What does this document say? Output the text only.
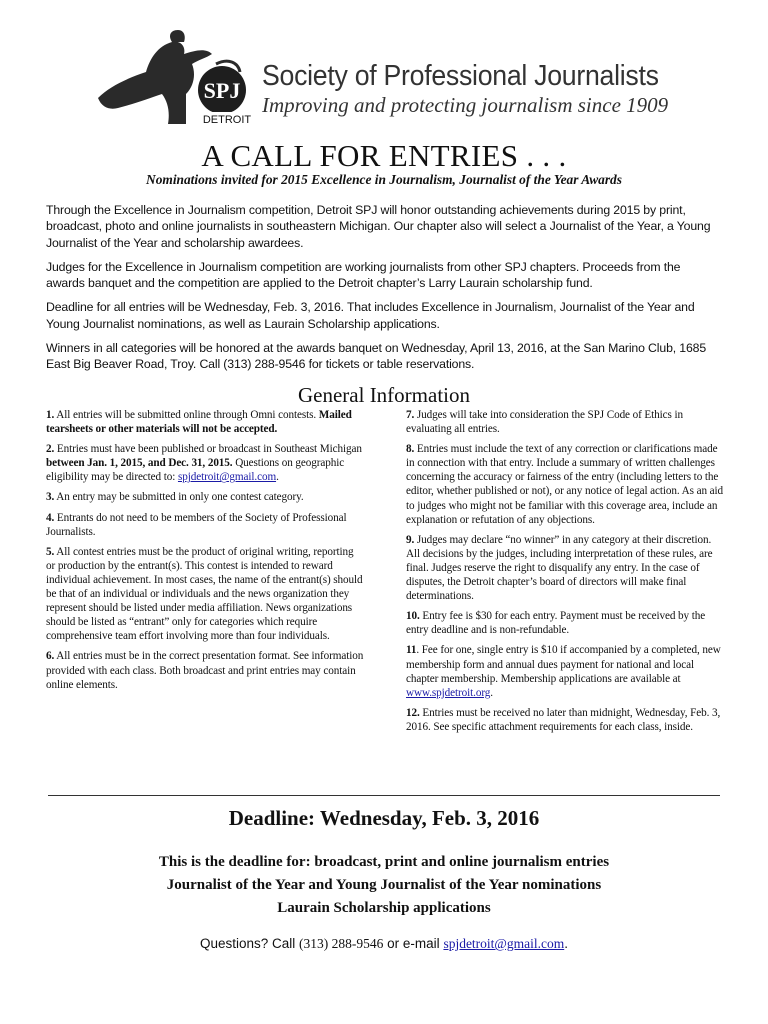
SPJ
DETROIT
Society of Professional Journalists
Improving and protecting journalism since 1909
A CALL FOR ENTRIES . . .
Nominations invited for 2015 Excellence in Journalism, Journalist of the Year Awards

Through the Excellence in Journalism competition, Detroit SPJ will honor outstanding achievements during 2015 by print, broadcast, photo and online journalists in southeastern Michigan. Our chapter also will select a Journalist of the Year, a Young Journalist of the Year and scholarship awardees.

Judges for the Excellence in Journalism competition are working journalists from other SPJ chapters. Proceeds from the awards banquet and the competition are applied to the Detroit chapter’s Larry Laurain scholarship fund.

Deadline for all entries will be Wednesday, Feb. 3, 2016. That includes Excellence in Journalism, Journalist of the Year and Young Journalist nominations, as well as Laurain Scholarship applications.

Winners in all categories will be honored at the awards banquet on Wednesday, April 13, 2016, at the San Marino Club, 1685 East Big Beaver Road, Troy. Call (313) 288-9546 for tickets or table reservations.

General Information

1. All entries will be submitted online through Omni contests. Mailed tearsheets or other materials will not be accepted.

2. Entries must have been published or broadcast in Southeast Michigan between Jan. 1, 2015, and Dec. 31, 2015. Questions on geographic eligibility may be directed to: spjdetroit@gmail.com.

3. An entry may be submitted in only one contest category.

4. Entrants do not need to be members of the Society of Professional Journalists.

5. All contest entries must be the product of original writing, reporting or production by the entrant(s). This contest is intended to reward individual achievement. In most cases, the name of the entrant(s) should be that of an individual or individuals and the news organization they represent should be listed under media affiliation. News organizations should be listed as “entrant” only for categories which require comprehensive team effort involving more than four individuals.

6. All entries must be in the correct presentation format. See information provided with each class. Both broadcast and print entries may contain online elements.

7. Judges will take into consideration the SPJ Code of Ethics in evaluating all entries.

8. Entries must include the text of any correction or clarifications made in connection with that entry. Include a summary of written challenges concerning the accuracy or fairness of the entry (including letters to the editor, whether published or not), or any notice of legal action. As an aid to judges who might not be familiar with this coverage area, include an explanation or refutation of any objections.

9. Judges may declare “no winner” in any category at their discretion. All decisions by the judges, including interpretation of these rules, are final. Judges reserve the right to disqualify any entry. In the case of disputes, the Detroit chapter’s board of directors will make final determinations.

10. Entry fee is $30 for each entry. Payment must be received by the entry deadline and is non-refundable.

11. Fee for one, single entry is $10 if accompanied by a completed, new membership form and annual dues payment for national and local chapter membership. Membership applications are available at www.spjdetroit.org.

12. Entries must be received no later than midnight, Wednesday, Feb. 3, 2016. See specific attachment requirements for each class, inside.

Deadline: Wednesday, Feb. 3, 2016
This is the deadline for: broadcast, print and online journalism entries
Journalist of the Year and Young Journalist of the Year nominations
Laurain Scholarship applications
Questions? Call (313) 288-9546 or e-mail spjdetroit@gmail.com.
